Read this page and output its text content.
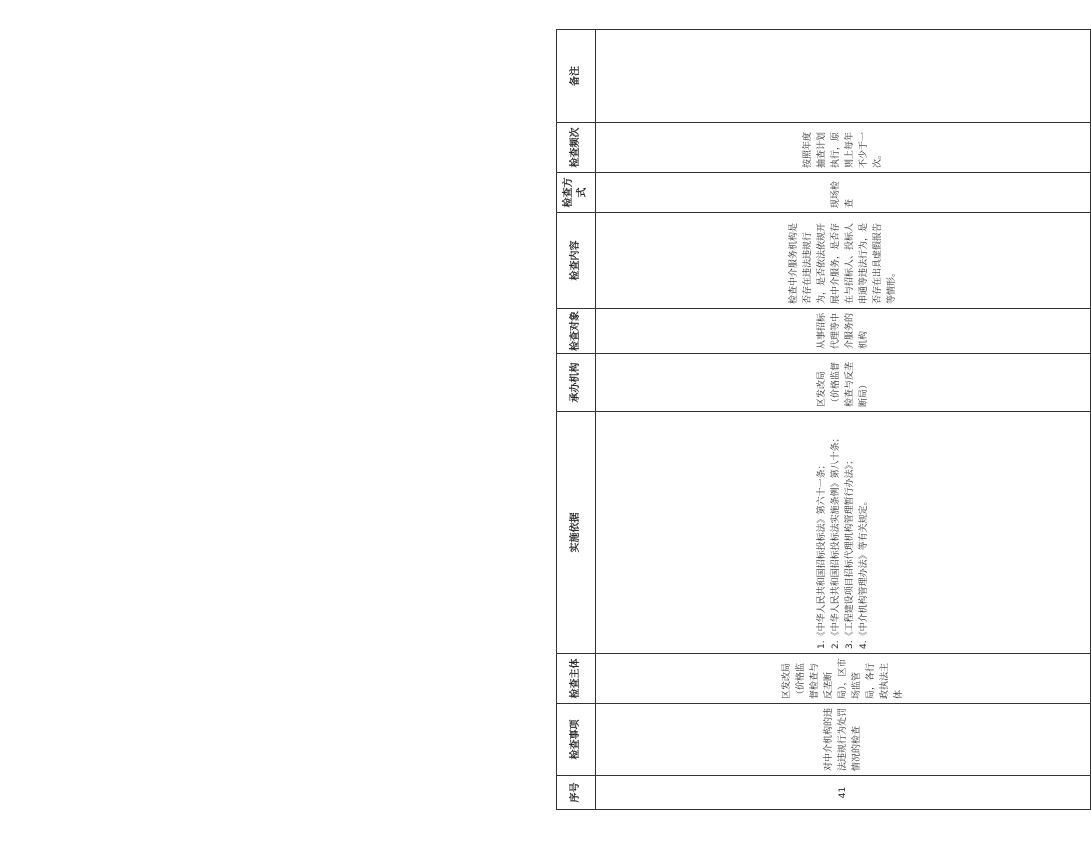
序号	检查事项	检查主体	实施依据	承办机构	检查对象	检查内容	检查方式	检查频次	备注
41	对中介机构的违法违规行为处罚情况的检查	区发改局（价格监督检查与反垄断局），区市场监管局，各行政执法主体	1.《中华人民共和国招标投标法》第六十一条； 2.《中华人民共和国招标投标法实施条例》第八十条； 3.《工程建设项目招标代理机构管理暂行办法》； 4.《中介机构管理办法》等有关规定。	区发改局（价格监督检查与反垄断局）	从事招标代理等中介服务的机构	检查中介服务机构是否存在违法违规行为，是否依法依规开展中介服务，是否存在与招标人、投标人串通等违法行为，是否存在出具虚假报告等情形。	现场检查	按照年度抽查计划执行，原则上每年不少于一次。	
